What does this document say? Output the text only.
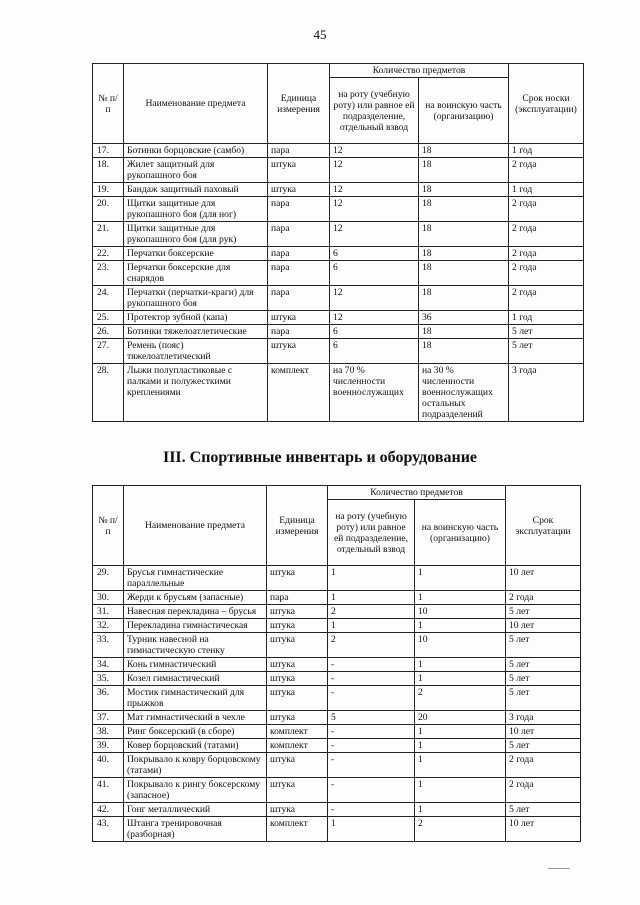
45
№ п/п	Наименование предмета	Единица измерения	Количество предметов		Срок носки (эксплуатации)
			на роту (учебную роту) или равное ей подразделение, отдельный взвод	на воинскую часть (организацию)	
17.	Ботинки борцовские (самбо)	пара	12	18	1 год
18.	Жилет защитный для рукопашного боя	штука	12	18	2 года
19.	Бандаж защитный паховый	штука	12	18	1 год
20.	Щитки защитные для рукопашного боя (для ног)	пара	12	18	2 года
21.	Щитки защитные для рукопашного боя (для рук)	пара	12	18	2 года
22.	Перчатки боксерские	пара	6	18	2 года
23.	Перчатки боксерские для снарядов	пара	6	18	2 года
24.	Перчатки (перчатки-краги) для рукопашного боя	пара	12	18	2 года
25.	Протектор зубной (капа)	штука	12	36	1 год
26.	Ботинки тяжелоатлетические	пара	6	18	5 лет
27.	Ремень (пояс) тяжелоатлетический	штука	6	18	5 лет
28.	Лыжи полупластиковые с палками и полужесткими креплениями	комплект	на 70 % численности военнослужащих	на 30 % численности военнослужащих остальных подразделений	3 года
III. Спортивные инвентарь и оборудование
№ п/п	Наименование предмета	Единица измерения	Количество предметов		Срок эксплуатации
			на роту (учебную роту) или равное ей подразделение, отдельный взвод	на воинскую часть (организацию)	
29.	Брусья гимнастические параллельные	штука	1	1	10 лет
30.	Жерди к брусьям (запасные)	пара	1	1	2 года
31.	Навесная перекладина – брусья	штука	2	10	5 лет
32.	Перекладина гимнастическая	штука	1	1	10 лет
33.	Турник навесной на гимнастическую стенку	штука	2	10	5 лет
34.	Конь гимнастический	штука	-	1	5 лет
35.	Козел гимнастический	штука	-	1	5 лет
36.	Мостик гимнастический для прыжков	штука	-	2	5 лет
37.	Мат гимнастический в чехле	штука	5	20	3 года
38.	Ринг боксерский (в сборе)	комплект	-	1	10 лет
39.	Ковер борцовский (татами)	комплект	-	1	5 лет
40.	Покрывало к ковру борцовскому (татами)	штука	-	1	2 года
41.	Покрывало к рингу боксерскому (запасное)	штука	-	1	2 года
42.	Гонг металлический	штука	-	1	5 лет
43.	Штанга тренировочная (разборная)	комплект	1	2	10 лет
